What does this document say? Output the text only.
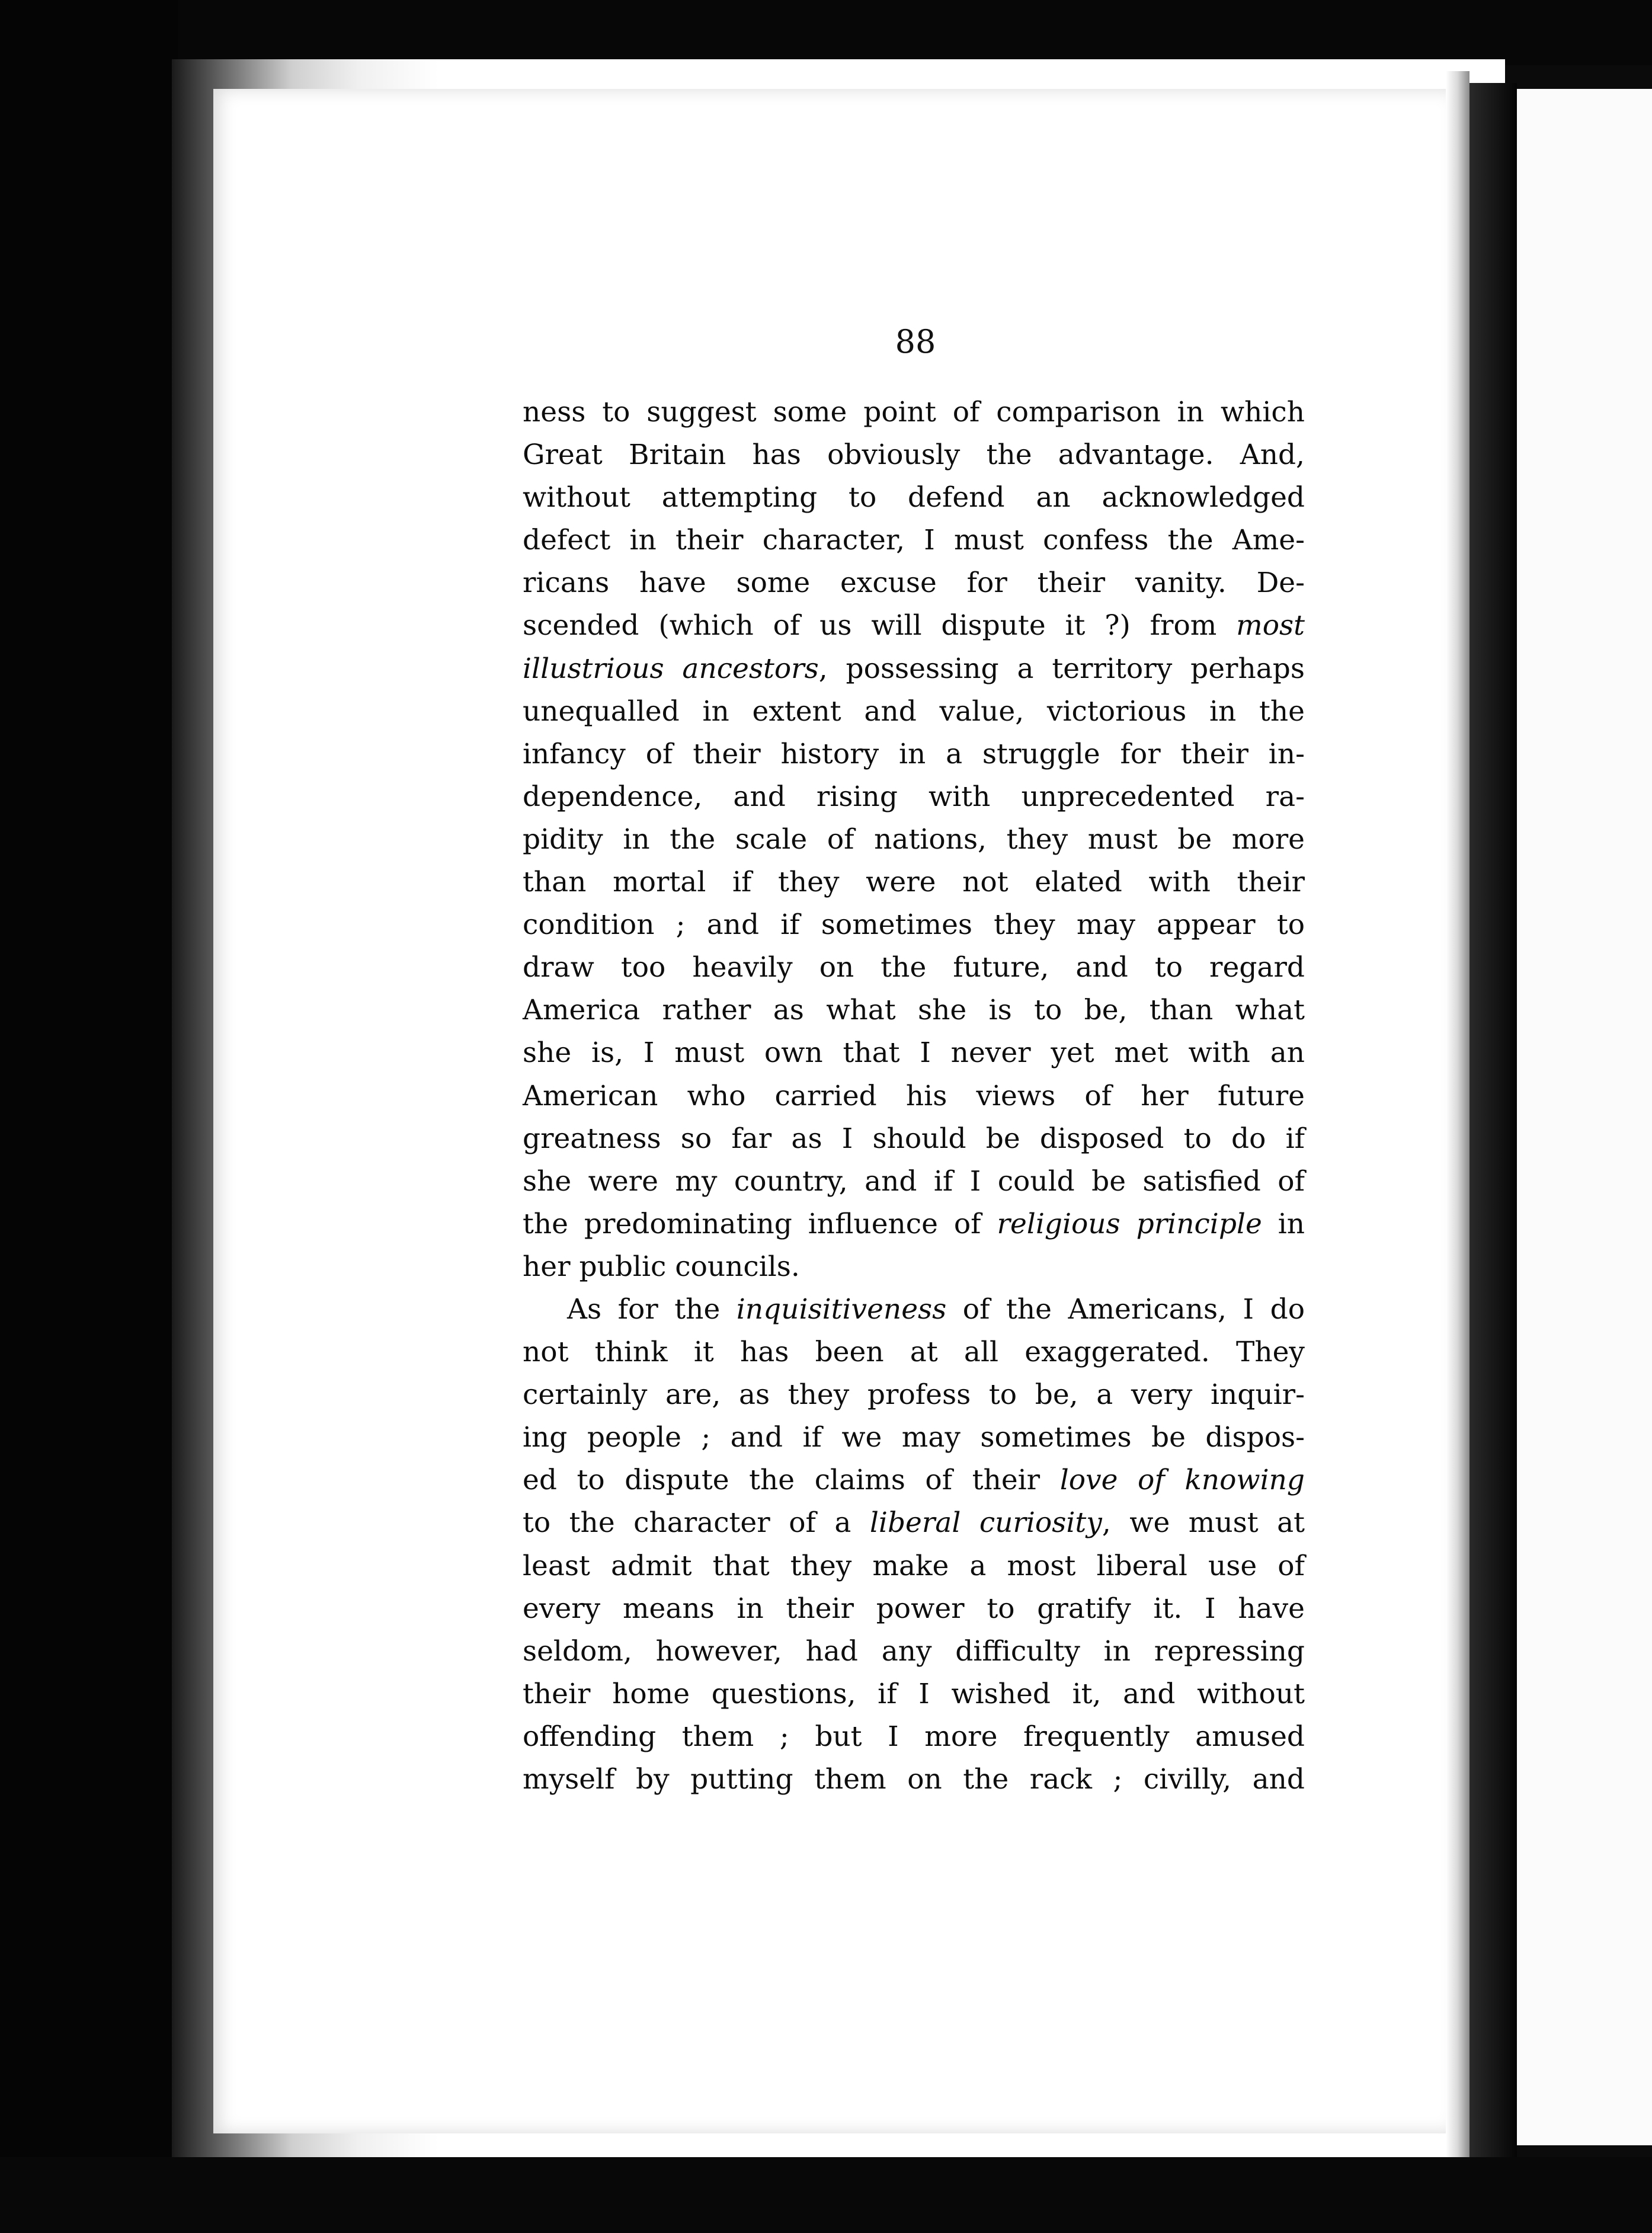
88
ness to suggest some point of comparison in which
Great Britain has obviously the advantage. And,
without attempting to defend an acknowledged
defect in their character, I must confess the Ame-
ricans have some excuse for their vanity. De-
scended (which of us will dispute it ?) from most
illustrious ancestors, possessing a territory perhaps
unequalled in extent and value, victorious in the
infancy of their history in a struggle for their in-
dependence, and rising with unprecedented ra-
pidity in the scale of nations, they must be more
than mortal if they were not elated with their
condition ; and if sometimes they may appear to
draw too heavily on the future, and to regard
America rather as what she is to be, than what
she is, I must own that I never yet met with an
American who carried his views of her future
greatness so far as I should be disposed to do if
she were my country, and if I could be satisfied of
the predominating influence of religious principle in
her public councils.
As for the inquisitiveness of the Americans, I do
not think it has been at all exaggerated. They
certainly are, as they profess to be, a very inquir-
ing people ; and if we may sometimes be dispos-
ed to dispute the claims of their love of knowing
to the character of a liberal curiosity, we must at
least admit that they make a most liberal use of
every means in their power to gratify it. I have
seldom, however, had any difficulty in repressing
their home questions, if I wished it, and without
offending them ; but I more frequently amused
myself by putting them on the rack ; civilly, and
